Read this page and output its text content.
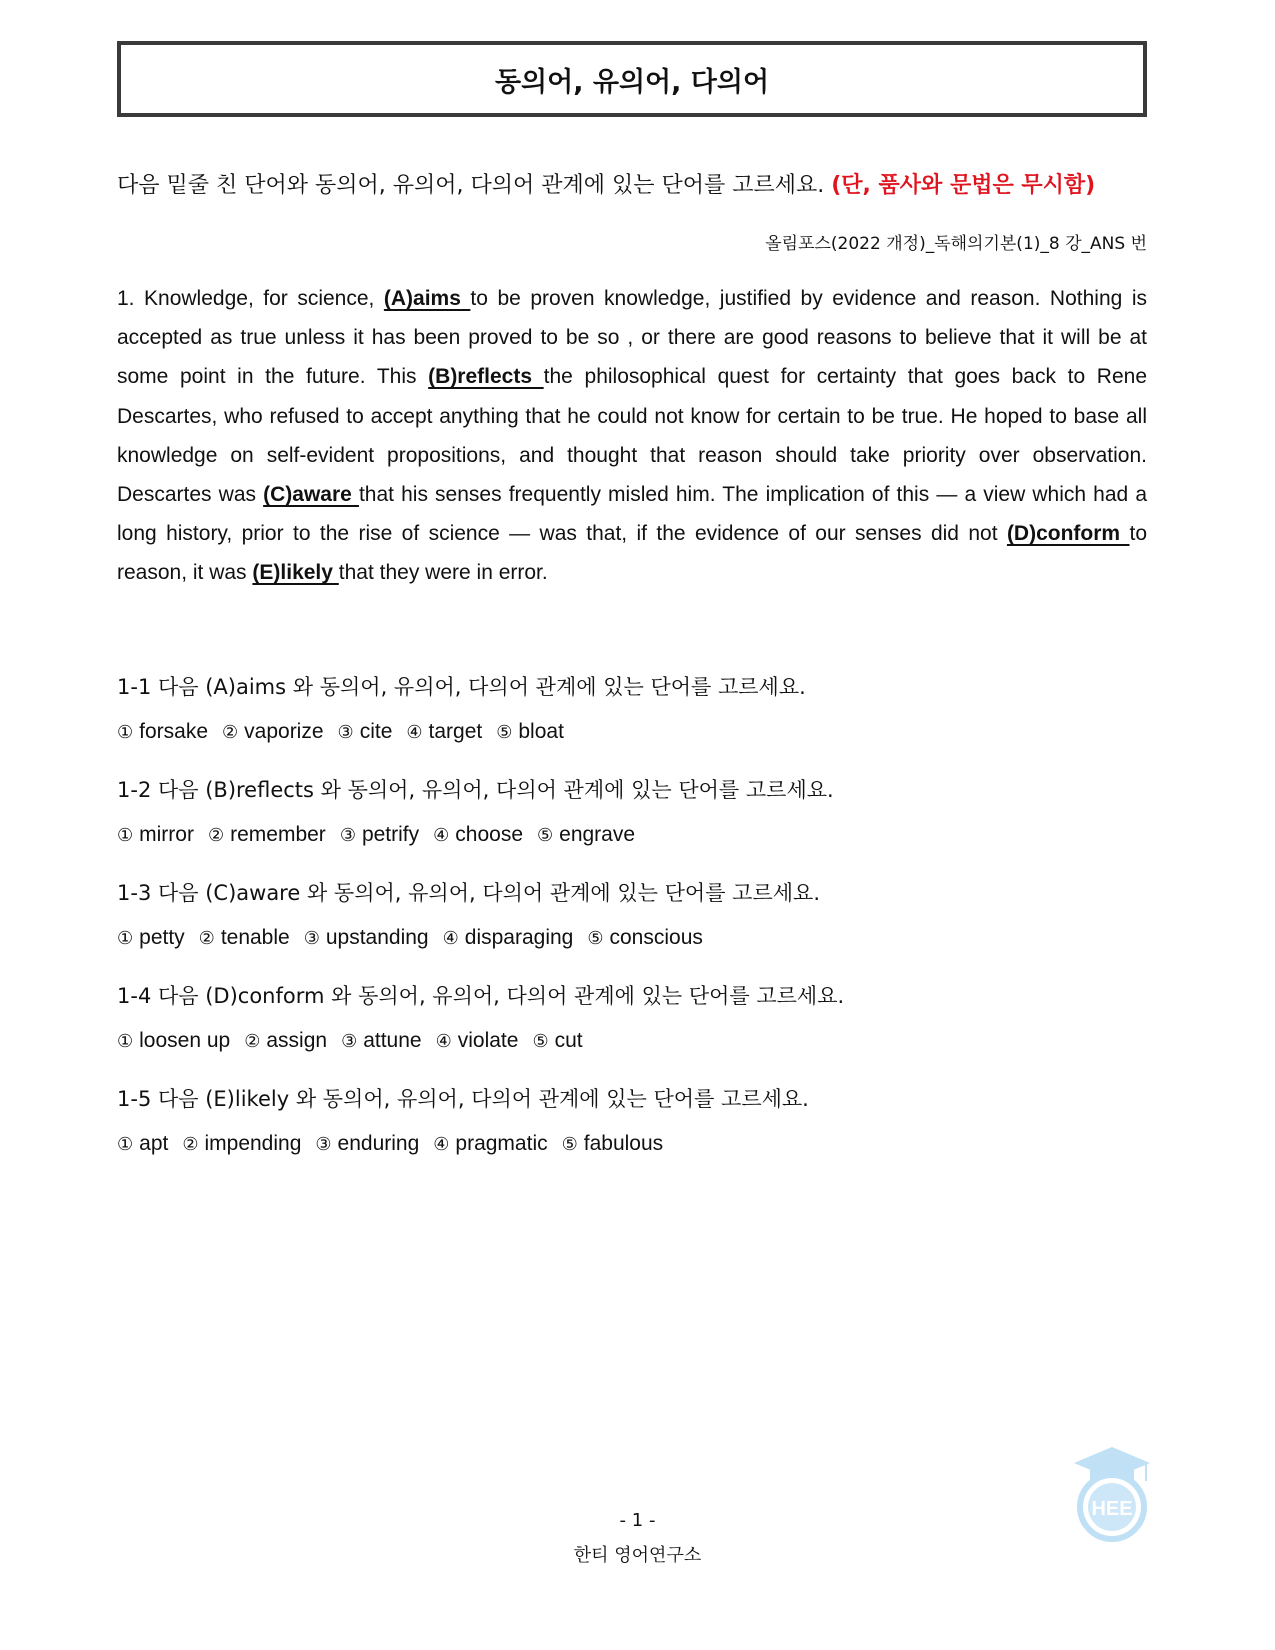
동의어, 유의어, 다의어
다음 밑줄 친 단어와 동의어, 유의어, 다의어 관계에 있는 단어를 고르세요. (단, 품사와 문법은 무시함)
올림포스(2022 개정)_독해의기본(1)_8 강_ANS 번
1. Knowledge, for science, (A)aims to be proven knowledge, justified by evidence and reason. Nothing is accepted as true unless it has been proved to be so , or there are good reasons to believe that it will be at some point in the future. This (B)reflects the philosophical quest for certainty that goes back to Rene Descartes, who refused to accept anything that he could not know for certain to be true. He hoped to base all knowledge on self-evident propositions, and thought that reason should take priority over observation. Descartes was (C)aware that his senses frequently misled him. The implication of this — a view which had a long history, prior to the rise of science — was that, if the evidence of our senses did not (D)conform to reason, it was (E)likely that they were in error.
1-1 다음 (A)aims 와 동의어, 유의어, 다의어 관계에 있는 단어를 고르세요.
① forsake ② vaporize ③ cite ④ target ⑤ bloat
1-2 다음 (B)reflects 와 동의어, 유의어, 다의어 관계에 있는 단어를 고르세요.
① mirror ② remember ③ petrify ④ choose ⑤ engrave
1-3 다음 (C)aware 와 동의어, 유의어, 다의어 관계에 있는 단어를 고르세요.
① petty ② tenable ③ upstanding ④ disparaging ⑤ conscious
1-4 다음 (D)conform 와 동의어, 유의어, 다의어 관계에 있는 단어를 고르세요.
① loosen up ② assign ③ attune ④ violate ⑤ cut
1-5 다음 (E)likely 와 동의어, 유의어, 다의어 관계에 있는 단어를 고르세요.
① apt ② impending ③ enduring ④ pragmatic ⑤ fabulous
HEE
- 1 -
한티 영어연구소
